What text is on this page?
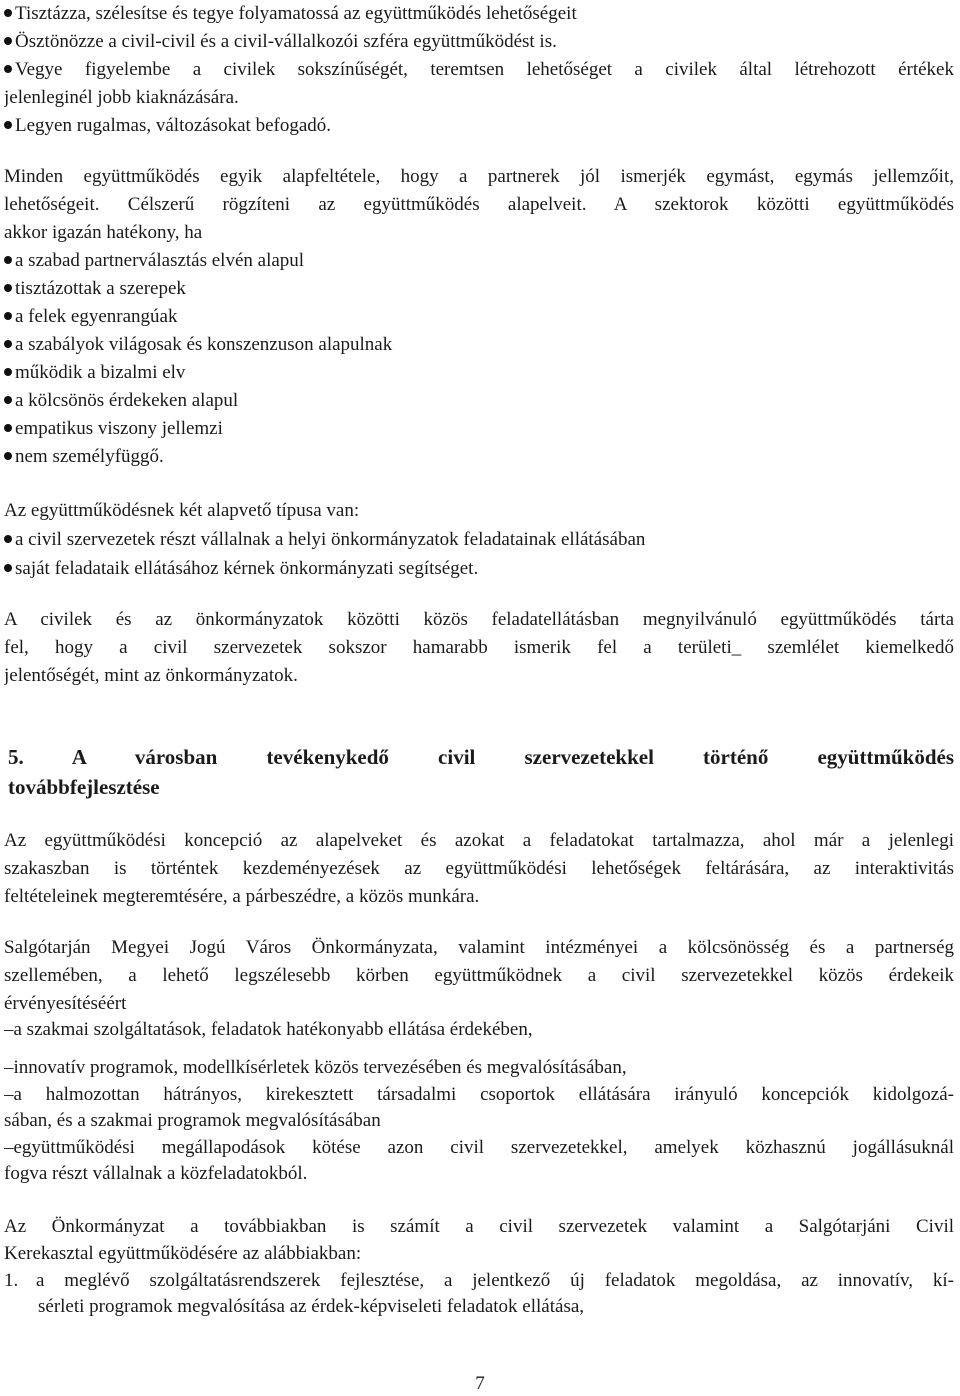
Tisztázza, szélesítse és tegye folyamatossá az együttműködés lehetőségeit
Ösztönözze a civil-civil és a civil-vállalkozói szféra együttműködést is.
Vegye figyelembe a civilek sokszínűségét, teremtsen lehetőséget a civilek által létrehozott értékek
jelenleginél jobb kiaknázására.
Legyen rugalmas, változásokat befogadó.
Minden együttműködés egyik alapfeltétele, hogy a partnerek jól ismerjék egymást, egymás jellemzőit,
lehetőségeit. Célszerű rögzíteni az együttműködés alapelveit. A szektorok közötti együttműködés
akkor igazán hatékony, ha
a szabad partnerválasztás elvén alapul
tisztázottak a szerepek
a felek egyenrangúak
a szabályok világosak és konszenzuson alapulnak
működik a bizalmi elv
a kölcsönös érdekeken alapul
empatikus viszony jellemzi
nem személyfüggő.
Az együttműködésnek két alapvető típusa van:
a civil szervezetek részt vállalnak a helyi önkormányzatok feladatainak ellátásában
saját feladataik ellátásához kérnek önkormányzati segítséget.
A civilek és az önkormányzatok közötti közös feladatellátásban megnyilvánuló együttműködés tárta
fel, hogy a civil szervezetek sokszor hamarabb ismerik fel a területi_ szemlélet kiemelkedő
jelentőségét, mint az önkormányzatok.
5. A városban tevékenykedő civil szervezetekkel történő együttműködés
továbbfejlesztése
Az együttműködési koncepció az alapelveket és azokat a feladatokat tartalmazza, ahol már a jelenlegi
szakaszban is történtek kezdeményezések az együttműködési lehetőségek feltárására, az interaktivitás
feltételeinek megteremtésére, a párbeszédre, a közös munkára.
Salgótarján Megyei Jogú Város Önkormányzata, valamint intézményei a kölcsönösség és a partnerség
szellemében, a lehető legszélesebb körben együttműködnek a civil szervezetekkel közös érdekeik
érvényesítéséért
–a szakmai szolgáltatások, feladatok hatékonyabb ellátása érdekében,
–innovatív programok, modellkísérletek közös tervezésében és megvalósításában,
–a halmozottan hátrányos, kirekesztett társadalmi csoportok ellátására irányuló koncepciók kidolgozá-
sában, és a szakmai programok megvalósításában
–együttműködési megállapodások kötése azon civil szervezetekkel, amelyek közhasznú jogállásuknál
fogva részt vállalnak a közfeladatokból.
Az Önkormányzat a továbbiakban is számít a civil szervezetek valamint a Salgótarjáni Civil
Kerekasztal együttműködésére az alábbiakban:
1. a meglévő szolgáltatásrendszerek fejlesztése, a jelentkező új feladatok megoldása, az innovatív, kí-
sérleti programok megvalósítása az érdek-képviseleti feladatok ellátása,
7
